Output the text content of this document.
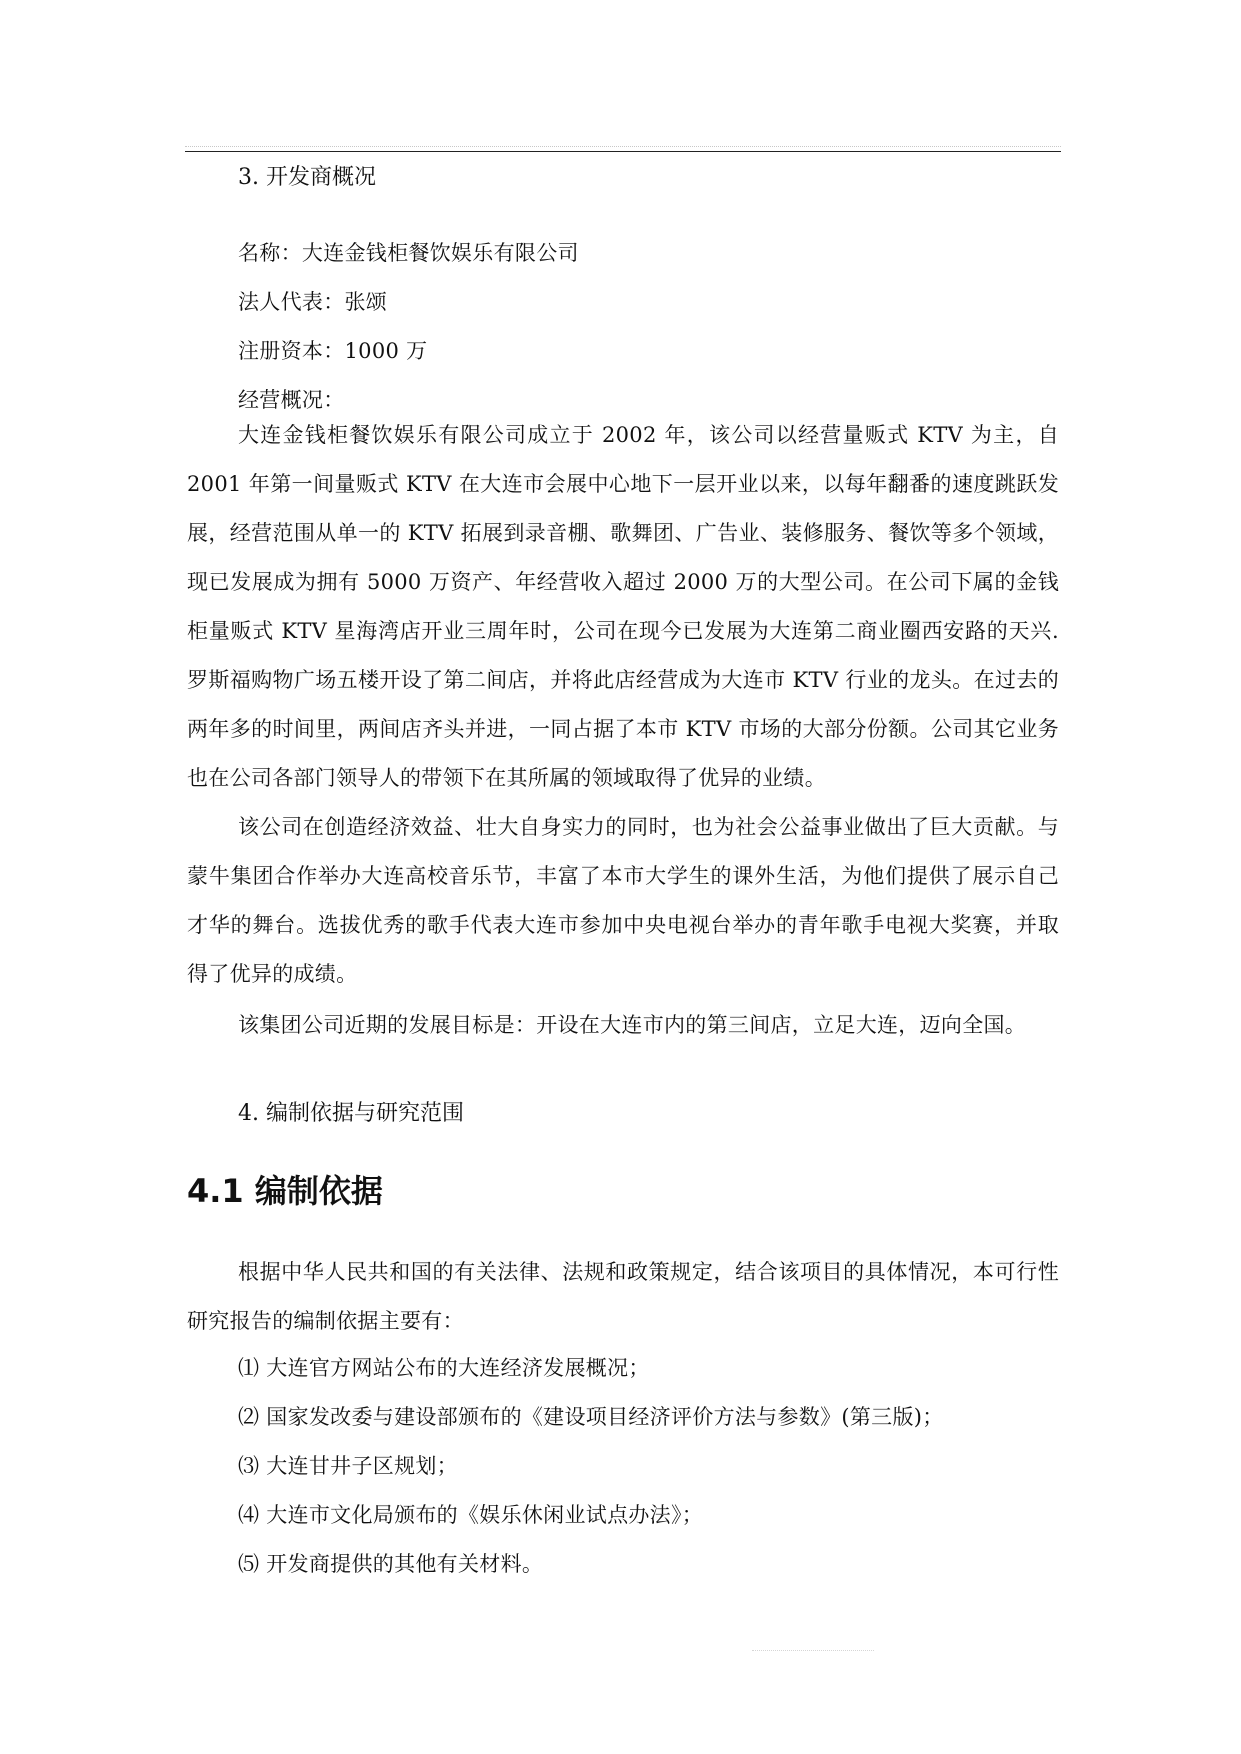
3. 开发商概况
名称：大连金钱柜餐饮娱乐有限公司
法人代表：张颂
注册资本：1000 万
经营概况：

大连金钱柜餐饮娱乐有限公司成立于 2002 年，该公司以经营量贩式 KTV 为主，自 2001 年第一间量贩式 KTV 在大连市会展中心地下一层开业以来，以每年翻番的速度跳跃发展，经营范围从单一的 KTV 拓展到录音棚、歌舞团、广告业、装修服务、餐饮等多个领域，现已发展成为拥有 5000 万资产、年经营收入超过 2000 万的大型公司。在公司下属的金钱柜量贩式 KTV 星海湾店开业三周年时，公司在现今已发展为大连第二商业圈西安路的天兴.罗斯福购物广场五楼开设了第二间店，并将此店经营成为大连市 KTV 行业的龙头。在过去的两年多的时间里，两间店齐头并进，一同占据了本市 KTV 市场的大部分份额。公司其它业务也在公司各部门领导人的带领下在其所属的领域取得了优异的业绩。

该公司在创造经济效益、壮大自身实力的同时，也为社会公益事业做出了巨大贡献。与蒙牛集团合作举办大连高校音乐节，丰富了本市大学生的课外生活，为他们提供了展示自己才华的舞台。选拔优秀的歌手代表大连市参加中央电视台举办的青年歌手电视大奖赛，并取得了优异的成绩。

该集团公司近期的发展目标是：开设在大连市内的第三间店，立足大连，迈向全国。

4. 编制依据与研究范围
4.1 编制依据

根据中华人民共和国的有关法律、法规和政策规定，结合该项目的具体情况，本可行性研究报告的编制依据主要有：

⑴ 大连官方网站公布的大连经济发展概况；
⑵ 国家发改委与建设部颁布的《建设项目经济评价方法与参数》(第三版)；
⑶ 大连甘井子区规划；
⑷ 大连市文化局颁布的《娱乐休闲业试点办法》；
⑸ 开发商提供的其他有关材料。
